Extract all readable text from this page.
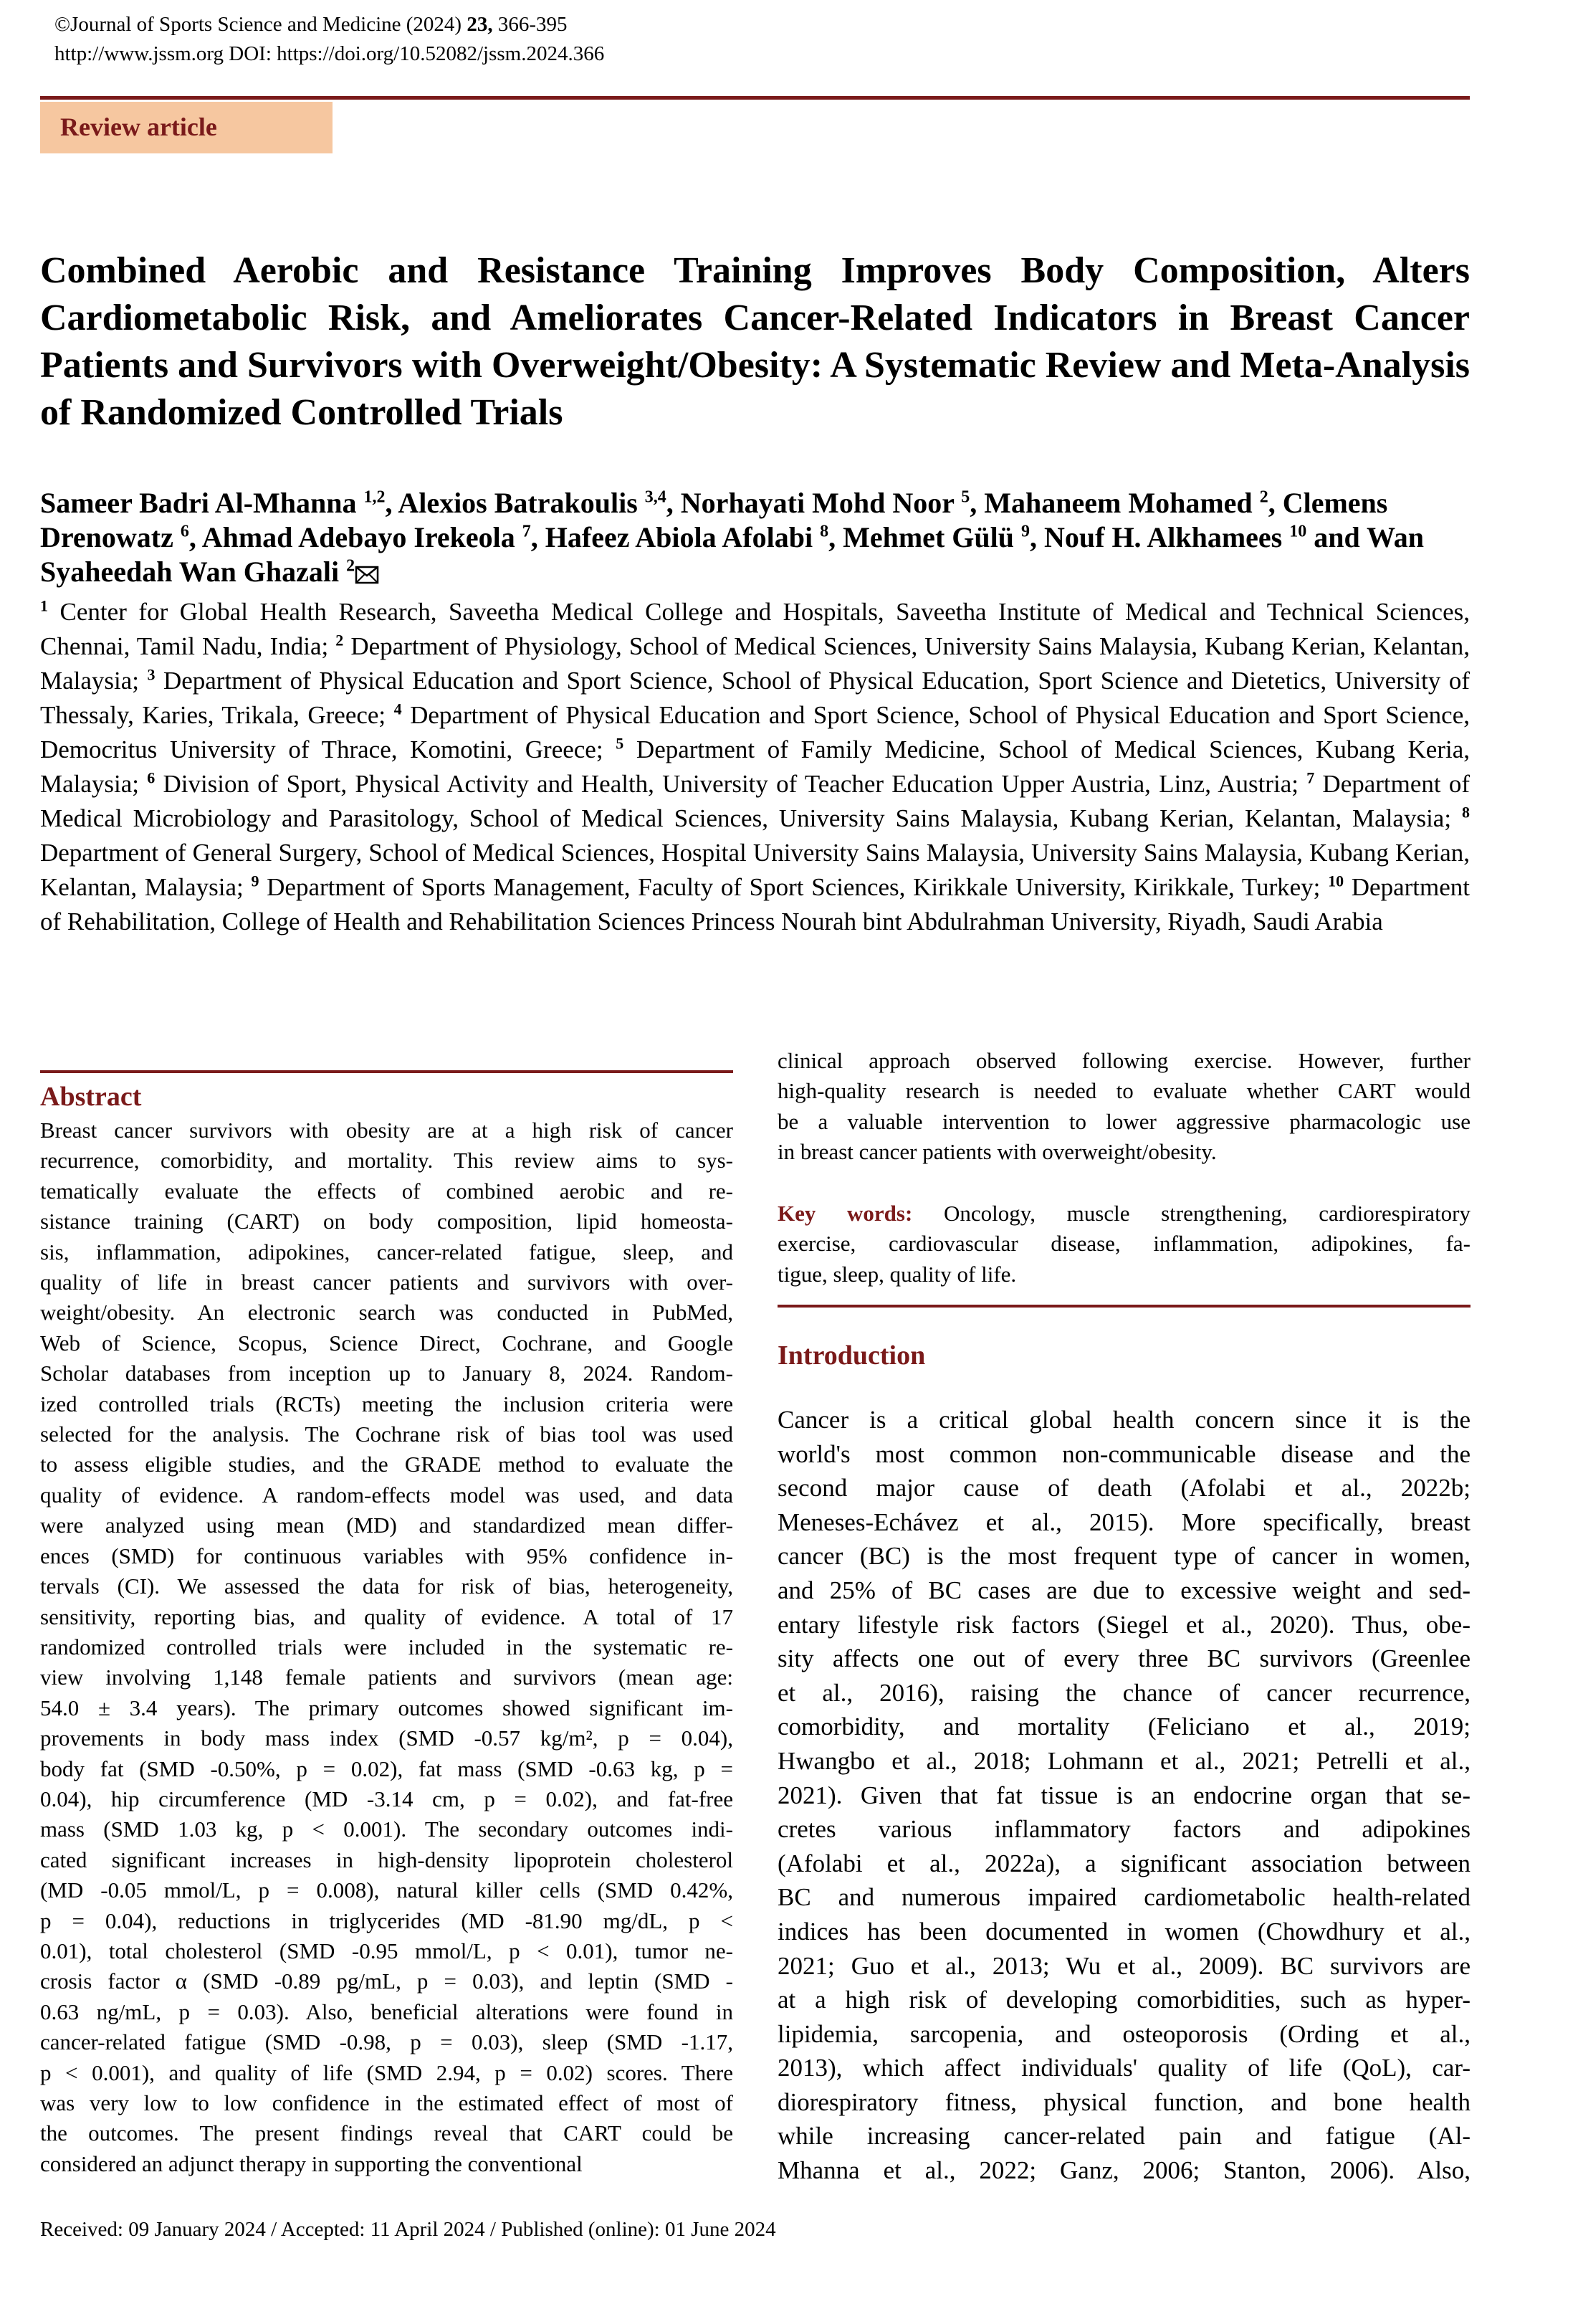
©Journal of Sports Science and Medicine (2024) 23, 366-395
http://www.jssm.org DOI: https://doi.org/10.52082/jssm.2024.366
Review article
Combined Aerobic and Resistance Training Improves Body Composition, Alters Cardiometabolic Risk, and Ameliorates Cancer-Related Indicators in Breast Cancer Patients and Survivors with Overweight/Obesity: A Systematic Review and Meta-Analysis of Randomized Controlled Trials
Sameer Badri Al-Mhanna $^{1,2}$, Alexios Batrakoulis $^{3,4}$, Norhayati Mohd Noor $^5$, Mahaneem Mohamed $^2$, Clemens Drenowatz $^6$, Ahmad Adebayo Irekeola $^7$, Hafeez Abiola Afolabi $^8$, Mehmet Gülü $^9$, Nouf H. Alkhamees $^{10}$ and Wan Syaheedah Wan Ghazali $^2$
$^1$ Center for Global Health Research, Saveetha Medical College and Hospitals, Saveetha Institute of Medical and Technical Sciences, Chennai, Tamil Nadu, India; $^2$ Department of Physiology, School of Medical Sciences, University Sains Malaysia, Kubang Kerian, Kelantan, Malaysia; $^3$ Department of Physical Education and Sport Science, School of Physical Education, Sport Science and Dietetics, University of Thessaly, Karies, Trikala, Greece; $^4$ Department of Physical Education and Sport Science, School of Physical Education and Sport Science, Democritus University of Thrace, Komotini, Greece; $^5$ Department of Family Medicine, School of Medical Sciences, Kubang Keria, Malaysia; $^6$ Division of Sport, Physical Activity and Health, University of Teacher Education Upper Austria, Linz, Austria; $^7$ Department of Medical Microbiology and Parasitology, School of Medical Sciences, University Sains Malaysia, Kubang Kerian, Kelantan, Malaysia; $^8$ Department of General Surgery, School of Medical Sciences, Hospital University Sains Malaysia, University Sains Malaysia, Kubang Kerian, Kelantan, Malaysia; $^9$ Department of Sports Management, Faculty of Sport Sciences, Kirikkale University, Kirikkale, Turkey; $^{10}$ Department of Rehabilitation, College of Health and Rehabilitation Sciences Princess Nourah bint Abdulrahman University, Riyadh, Saudi Arabia
Abstract
Breast cancer survivors with obesity are at a high risk of cancer
recurrence, comorbidity, and mortality. This review aims to sys-
tematically evaluate the effects of combined aerobic and re-
sistance training (CART) on body composition, lipid homeosta-
sis, inflammation, adipokines, cancer-related fatigue, sleep, and
quality of life in breast cancer patients and survivors with over-
weight/obesity. An electronic search was conducted in PubMed,
Web of Science, Scopus, Science Direct, Cochrane, and Google
Scholar databases from inception up to January 8, 2024. Random-
ized controlled trials (RCTs) meeting the inclusion criteria were
selected for the analysis. The Cochrane risk of bias tool was used
to assess eligible studies, and the GRADE method to evaluate the
quality of evidence. A random-effects model was used, and data
were analyzed using mean (MD) and standardized mean differ-
ences (SMD) for continuous variables with 95% confidence in-
tervals (CI). We assessed the data for risk of bias, heterogeneity,
sensitivity, reporting bias, and quality of evidence. A total of 17
randomized controlled trials were included in the systematic re-
view involving 1,148 female patients and survivors (mean age:
54.0 ± 3.4 years). The primary outcomes showed significant im-
provements in body mass index (SMD -0.57 kg/m², p = 0.04),
body fat (SMD -0.50%, p = 0.02), fat mass (SMD -0.63 kg, p =
0.04), hip circumference (MD -3.14 cm, p = 0.02), and fat-free
mass (SMD 1.03 kg, p < 0.001). The secondary outcomes indi-
cated significant increases in high-density lipoprotein cholesterol
(MD -0.05 mmol/L, p = 0.008), natural killer cells (SMD 0.42%,
p = 0.04), reductions in triglycerides (MD -81.90 mg/dL, p <
0.01), total cholesterol (SMD -0.95 mmol/L, p < 0.01), tumor ne-
crosis factor α (SMD -0.89 pg/mL, p = 0.03), and leptin (SMD -
0.63 ng/mL, p = 0.03). Also, beneficial alterations were found in
cancer-related fatigue (SMD -0.98, p = 0.03), sleep (SMD -1.17,
p < 0.001), and quality of life (SMD 2.94, p = 0.02) scores. There
was very low to low confidence in the estimated effect of most of
the outcomes. The present findings reveal that CART could be
considered an adjunct therapy in supporting the conventional
clinical approach observed following exercise. However, further
high-quality research is needed to evaluate whether CART would
be a valuable intervention to lower aggressive pharmacologic use
in breast cancer patients with overweight/obesity.
Key words: Oncology, muscle strengthening, cardiorespiratory
exercise, cardiovascular disease, inflammation, adipokines, fa-
tigue, sleep, quality of life.
Introduction
Cancer is a critical global health concern since it is the
world's most common non-communicable disease and the
second major cause of death (Afolabi et al., 2022b;
Meneses-Echávez et al., 2015). More specifically, breast
cancer (BC) is the most frequent type of cancer in women,
and 25% of BC cases are due to excessive weight and sed-
entary lifestyle risk factors (Siegel et al., 2020). Thus, obe-
sity affects one out of every three BC survivors (Greenlee
et al., 2016), raising the chance of cancer recurrence,
comorbidity, and mortality (Feliciano et al., 2019;
Hwangbo et al., 2018; Lohmann et al., 2021; Petrelli et al.,
2021). Given that fat tissue is an endocrine organ that se-
cretes various inflammatory factors and adipokines
(Afolabi et al., 2022a), a significant association between
BC and numerous impaired cardiometabolic health-related
indices has been documented in women (Chowdhury et al.,
2021; Guo et al., 2013; Wu et al., 2009). BC survivors are
at a high risk of developing comorbidities, such as hyper-
lipidemia, sarcopenia, and osteoporosis (Ording et al.,
2013), which affect individuals' quality of life (QoL), car-
diorespiratory fitness, physical function, and bone health
while increasing cancer-related pain and fatigue (Al-
Mhanna et al., 2022; Ganz, 2006; Stanton, 2006). Also,
Received: 09 January 2024 / Accepted: 11 April 2024 / Published (online): 01 June 2024
